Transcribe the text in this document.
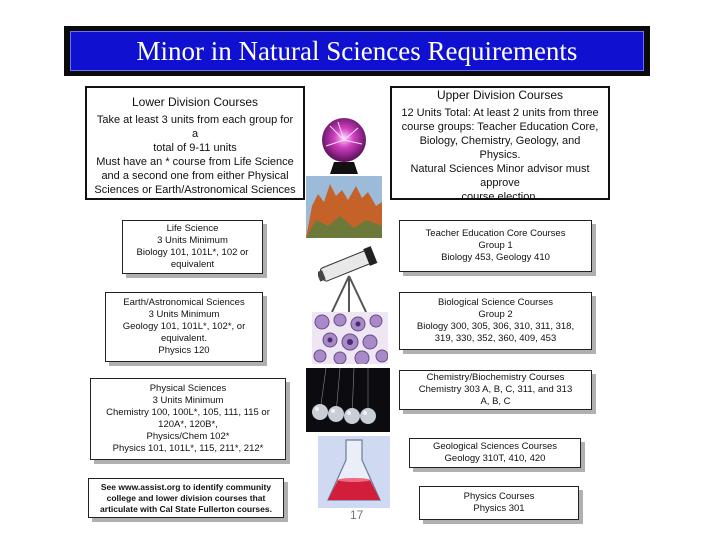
Minor in Natural Sciences Requirements
Lower Division Courses
Take at least 3 units from each group for a
total of 9-11 units
Must have an * course from Life Science
and a second one from either Physical
Sciences or Earth/Astronomical Sciences
Upper Division Courses
12 Units Total: At least 2 units from three
course groups: Teacher Education Core,
Biology, Chemistry, Geology, and Physics.
Natural Sciences Minor advisor must approve
course election.
Life Science
3 Units Minimum
Biology 101, 101L*, 102 or
equivalent
Earth/Astronomical Sciences
3 Units Minimum
Geology 101, 101L*, 102*, or
equivalent.
Physics 120
Physical Sciences
3 Units Minimum
Chemistry 100, 100L*, 105, 111, 115 or
120A*, 120B*,
Physics/Chem 102*
Physics 101, 101L*, 115, 211*, 212*
See www.assist.org to identify community
college and lower division courses that
articulate with Cal State Fullerton courses.
Teacher Education Core Courses
Group 1
Biology 453, Geology 410
Biological Science Courses
Group 2
Biology 300, 305, 306, 310, 311, 318,
319, 330, 352, 360, 409, 453
Chemistry/Biochemistry Courses
Chemistry 303 A, B, C, 311, and 313
A, B, C
Geological Sciences Courses
Geology 310T, 410, 420
Physics Courses
Physics 301
17
